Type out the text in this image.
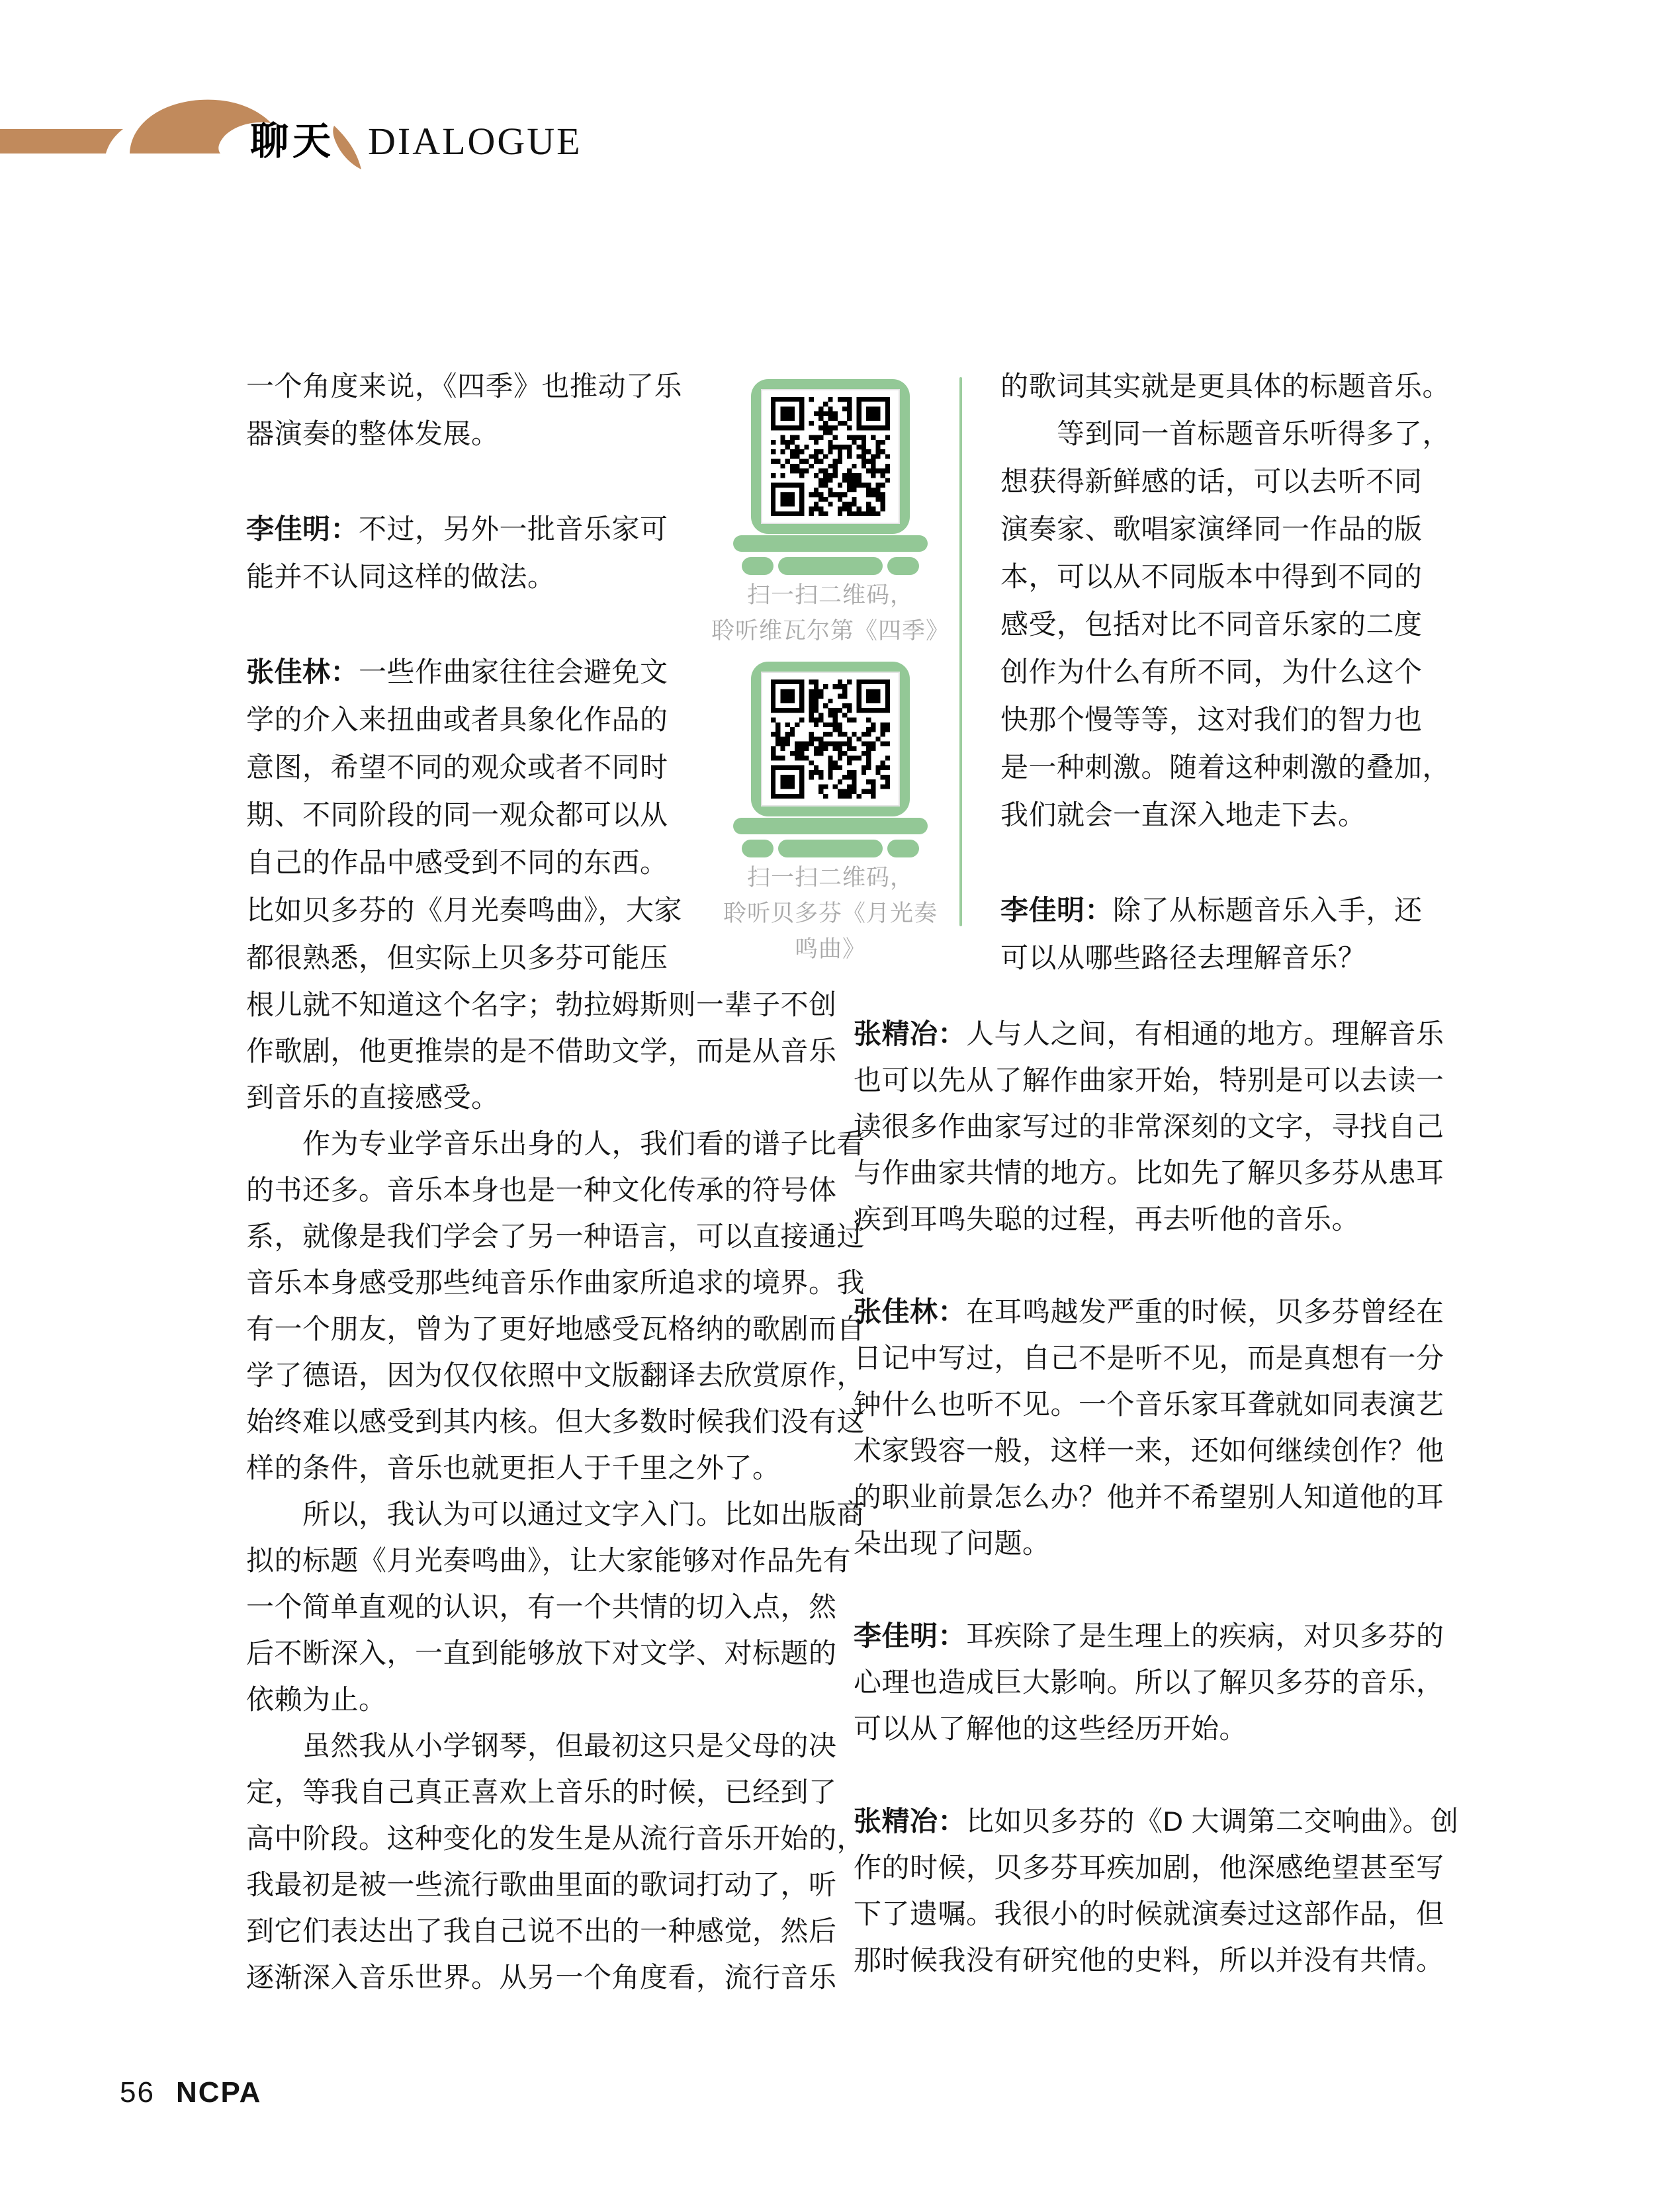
聊天 DIALOGUE
一个角度来说，《四季》也推动了乐
器演奏的整体发展。

李佳明：不过，另外一批音乐家可
能并不认同这样的做法。

张佳林：一些作曲家往往会避免文
学的介入来扭曲或者具象化作品的
意图，希望不同的观众或者不同时
期、不同阶段的同一观众都可以从
自己的作品中感受到不同的东西。
比如贝多芬的《月光奏鸣曲》，大家
都很熟悉，但实际上贝多芬可能压
根儿就不知道这个名字；勃拉姆斯则一辈子不创
作歌剧，他更推崇的是不借助文学，而是从音乐
到音乐的直接感受。
　　作为专业学音乐出身的人，我们看的谱子比看
的书还多。音乐本身也是一种文化传承的符号体
系，就像是我们学会了另一种语言，可以直接通过
音乐本身感受那些纯音乐作曲家所追求的境界。我
有一个朋友，曾为了更好地感受瓦格纳的歌剧而自
学了德语，因为仅仅依照中文版翻译去欣赏原作，
始终难以感受到其内核。但大多数时候我们没有这
样的条件，音乐也就更拒人于千里之外了。
　　所以，我认为可以通过文字入门。比如出版商
拟的标题《月光奏鸣曲》，让大家能够对作品先有
一个简单直观的认识，有一个共情的切入点，然
后不断深入，一直到能够放下对文学、对标题的
依赖为止。
　　虽然我从小学钢琴，但最初这只是父母的决
定，等我自己真正喜欢上音乐的时候，已经到了
高中阶段。这种变化的发生是从流行音乐开始的，
我最初是被一些流行歌曲里面的歌词打动了，听
到它们表达出了我自己说不出的一种感觉，然后
逐渐深入音乐世界。从另一个角度看，流行音乐
的歌词其实就是更具体的标题音乐。
　　等到同一首标题音乐听得多了，
想获得新鲜感的话，可以去听不同
演奏家、歌唱家演绎同一作品的版
本，可以从不同版本中得到不同的
感受，包括对比不同音乐家的二度
创作为什么有所不同，为什么这个
快那个慢等等，这对我们的智力也
是一种刺激。随着这种刺激的叠加，
我们就会一直深入地走下去。

李佳明：除了从标题音乐入手，还
可以从哪些路径去理解音乐？
张精冶：人与人之间，有相通的地方。理解音乐
也可以先从了解作曲家开始，特别是可以去读一
读很多作曲家写过的非常深刻的文字，寻找自己
与作曲家共情的地方。比如先了解贝多芬从患耳
疾到耳鸣失聪的过程，再去听他的音乐。

张佳林：在耳鸣越发严重的时候，贝多芬曾经在
日记中写过，自己不是听不见，而是真想有一分
钟什么也听不见。一个音乐家耳聋就如同表演艺
术家毁容一般，这样一来，还如何继续创作？他
的职业前景怎么办？他并不希望别人知道他的耳
朵出现了问题。

李佳明：耳疾除了是生理上的疾病，对贝多芬的
心理也造成巨大影响。所以了解贝多芬的音乐，
可以从了解他的这些经历开始。

张精冶：比如贝多芬的《D 大调第二交响曲》。创
作的时候，贝多芬耳疾加剧，他深感绝望甚至写
下了遗嘱。我很小的时候就演奏过这部作品，但
那时候我没有研究他的史料，所以并没有共情。
扫一扫二维码，
聆听维瓦尔第《四季》
扫一扫二维码，
聆听贝多芬《月光奏
鸣曲》
56 NCPA
